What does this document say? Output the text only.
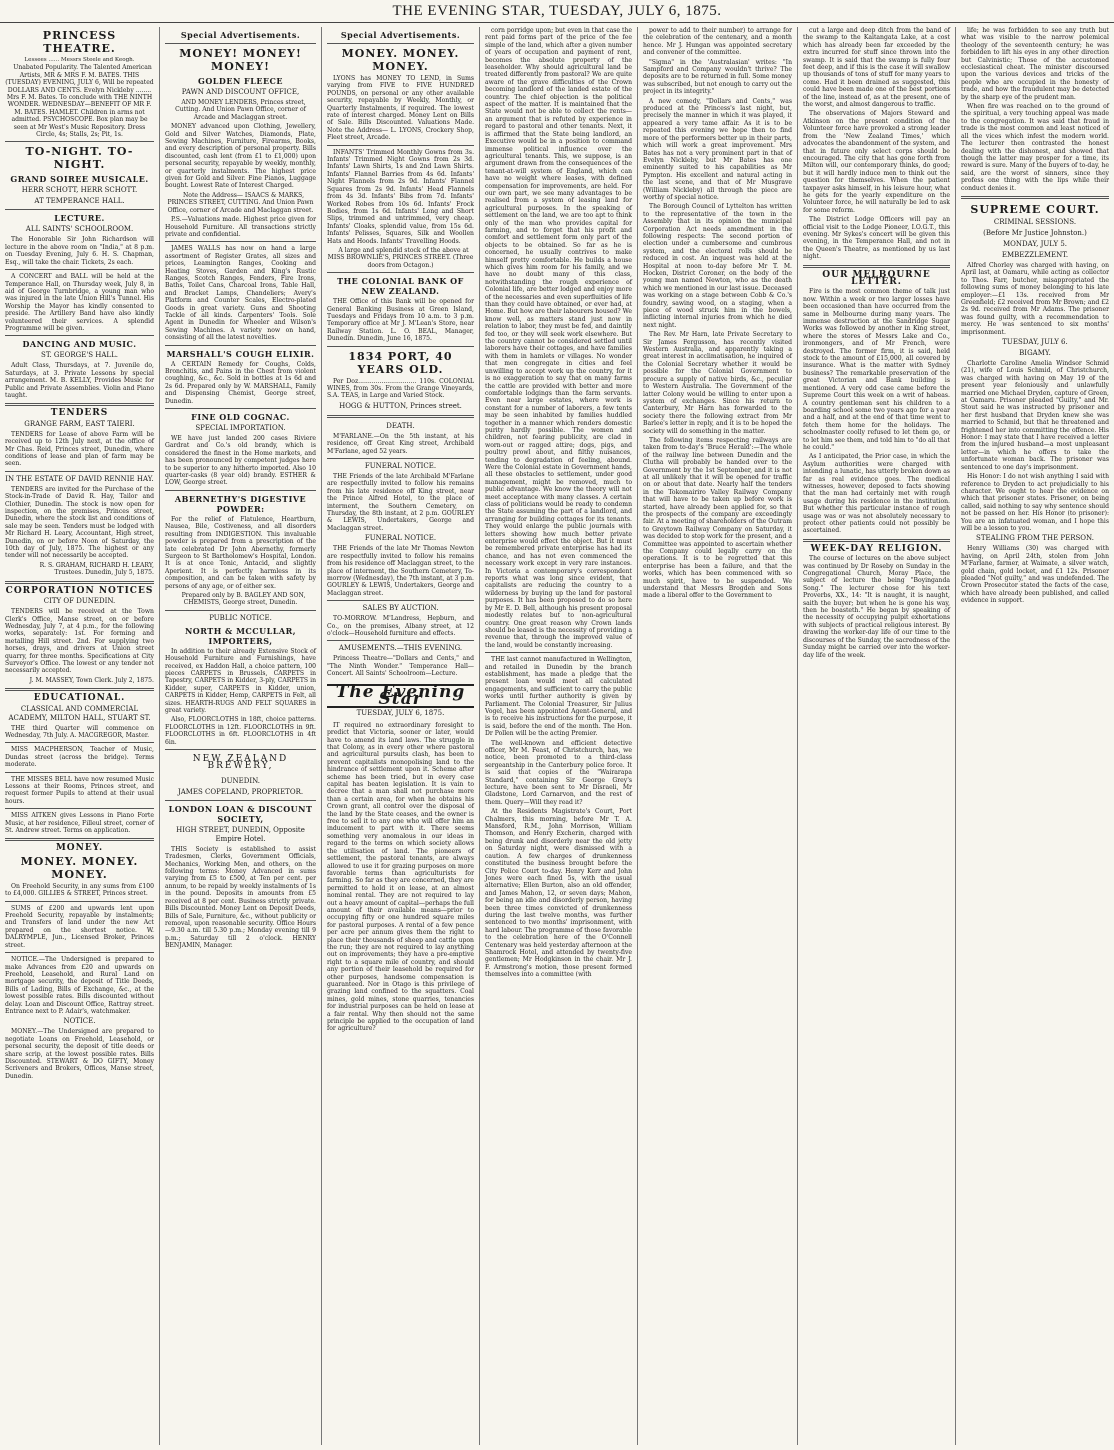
THE EVENING STAR, TUESDAY, JULY 6, 1875.
PRINCESS THEATRE.
Lessees ...... Messrs Steele and Keogh.

Unabated Popularity. The Talented American Artists, MR & MRS F. M. BATES. THIS (TUESDAY) EVENING, JULY 6, Will be repeated DOLLARS AND CENTS. Evelyn Nickleby ........ Mrs F. M. Bates. To conclude with THE NINTH WONDER. WEDNESDAY—BENEFIT OF MR F. M. BATES. HAMLET. Children in arms not admitted. PSYCHOSCOPE. Box plan may be seen at Mr West's Music Repository. Dress Circle, 4s; Stalls, 2s; Pit, 1s.

TO-NIGHT. TO-NIGHT.
GRAND SOIREE MUSICALE.
HERR SCHOTT, HERR SCHOTT.
AT TEMPERANCE HALL.
LECTURE.
ALL SAINTS' SCHOOLROOM.

The Honorable Sir John Richardson will lecture in the above room on "India," at 8 p.m. on Tuesday Evening, July 6. H. S. Chapman, Esq., will take the chair. Tickets, 2s each.

A CONCERT and BALL will be held at the Temperance Hall, on Thursday week, July 8, in aid of George Turnbridge, a young man who was injured in the late Union Hill's Tunnel. His Worship the Mayor has kindly consented to preside. The Artillery Band have also kindly volunteered their services. A splendid Programme will be given.

DANCING AND MUSIC.
ST. GEORGE'S HALL.

Adult Class, Thursdays, at 7. Juvenile do, Saturdays, at 3. Private Lessons by special arrangement. M. B. KELLY, Provides Music for Public and Private Assemblies. Violin and Piano taught.

TENDERS
GRANGE FARM, EAST TAIERI.

TENDERS for Lease of above Farm will be received up to 12th July next, at the office of Mr Chas. Reid, Princes street, Dunedin, where conditions of lease and plan of farm may be seen.

IN THE ESTATE OF DAVID RENNIE HAY.

TENDERS are invited for the Purchase of the Stock-in-Trade of David R. Hay, Tailor and Clothier, Dunedin. The stock is now open for inspection, on the premises, Princes street, Dunedin, where the stock list and conditions of sale may be seen. Tenders must be lodged with Mr Richard H. Leary, Accountant, High street, Dunedin, on or before Noon of Saturday, the 10th day of July, 1875. The highest or any tender will not necessarily be accepted.

R. S. GRAHAM, RICHARD H. LEARY, Trustees. Dunedin, July 5, 1875.

CORPORATION NOTICES
CITY OF DUNEDIN.

TENDERS will be received at the Town Clerk's Office, Manse street, on or before Wednesday, July 7, at 4 p.m., for the following works, separately: 1st. For forming and metalling Hill street. 2nd. For supplying two horses, drays, and drivers at Union street quarry, for three months. Specifications at City Surveyor's Office. The lowest or any tender not necessarily accepted.

J. M. MASSEY, Town Clerk. July 2, 1875.

EDUCATIONAL.
CLASSICAL AND COMMERCIAL ACADEMY, MILTON HALL, STUART ST.

THE third Quarter will commence on Wednesday, 7th July. A. MACGREGOR, Master.

MISS MACPHERSON, Teacher of Music, Dundas street (across the bridge). Terms moderate.

THE MISSES BELL have now resumed Music Lessons at their Rooms, Princes street, and request former Pupils to attend at their usual hours.

MISS AITKEN gives Lessons in Piano Forte Music, at her residence, Filleul street, corner of St. Andrew street. Terms on application.

MONEY.
MONEY. MONEY. MONEY.

On Freehold Security, in any sums from £100 to £4,000. GILLIES & STREET, Princes street.

SUMS of £200 and upwards lent upon Freehold Security, repayable by instalments; and Transfers of land under the new Act prepared on the shortest notice. W. DALRYMPLE, Jun., Licensed Broker, Princes street.

NOTICE.—The Undersigned is prepared to make Advances from £20 and upwards on Freehold, Leasehold, and Rural Land on mortgage security, the deposit of Title Deeds, Bills of Lading, Bills of Exchange, &c., at the lowest possible rates. Bills discounted without delay. Loan and Discount Office, Rattray street. Entrance next to P. Adair's, watchmaker.

NOTICE.

MONEY.—The Undersigned are prepared to negotiate Loans on Freehold, Leasehold, or personal security, the deposit of title deeds or share scrip, at the lowest possible rates. Bills Discounted. STEWART & DO GIFTY, Money Scriveners and Brokers, Offices, Manse street, Dunedin.

Special Advertisements.
MONEY! MONEY! MONEY!
GOLDEN FLEECE
PAWN AND DISCOUNT OFFICE,

AND MONEY LENDERS, Princes street, Cutting. And Union Pawn Office, corner of Arcade and Maclaggan street.

MONEY advanced upon Clothing, Jewellery, Gold and Silver Watches, Diamonds, Plate, Sewing Machines, Furniture, Firearms, Books, and every description of personal property. Bills discounted, cash lent (from £1 to £1,000) upon personal security, repayable by weekly, monthly, or quarterly instalments. The highest price given for Gold and Silver. Fine Pianos, Luggage bought. Lowest Rate of Interest Charged.

Note the Address— ISAACS & MARKS, PRINCES STREET, CUTTING. And Union Pawn Office, corner of Arcade and Maclaggan street.

P.S.—Valuations made. Highest price given for Household Furniture. All transactions strictly private and confidential.

JAMES WALLS has now on hand a large assortment of Register Grates, all sizes and prices, Leamington Ranges, Cooking and Heating Stoves, Garden and King's Rustic Ranges, Scotch Ranges, Fenders, Fire Irons, Baths, Toilet Cans, Charcoal Irons, Table Hall, and Bracket Lamps, Chandeliers; Avery's Platform and Counter Scales, Electro-plated Goods in great variety. Guns and Shooting Tackle of all kinds. Carpenters' Tools. Sole Agent in Dunedin for Wheeler and Wilson's Sewing Machines. A variety now on hand, consisting of all the latest novelties.

MARSHALL'S COUGH ELIXIR.

A CERTAIN Remedy for Coughs, Colds, Bronchitis, and Pains in the Chest from violent coughing, &c., &c. Sold in bottles at 1s 6d and 2s 6d. Prepared only by W. MARSHALL, Family and Dispensing Chemist, George street, Dunedin.

FINE OLD COGNAC.
SPECIAL IMPORTATION.

WE have just landed 200 cases Riviere Gardrat and Co.'s old brandy, which is considered the finest in the Home markets, and has been pronounced by competent judges here to be superior to any hitherto imported. Also 10 quarter-casks (8 year old) brandy. ESTHER & LOW, George street.

ABERNETHY'S DIGESTIVE POWDER:

For the relief of Flatulence, Heartburn, Nausea, Bile, Costiveness, and all disorders resulting from INDIGESTION. This invaluable powder is prepared from a prescription of the late celebrated Dr John Abernethy, formerly Surgeon to St Bartholomew's Hospital, London. It is at once Tonic, Antacid, and slightly Aperient. It is perfectly harmless in its composition, and can be taken with safety by persons of any age, or of either sex.

Prepared only by B. BAGLEY AND SON, CHEMISTS, George street, Dunedin.

PUBLIC NOTICE.
NORTH & MCCULLAR, IMPORTERS,

In addition to their already Extensive Stock of Household Furniture and Furnishings, have received, ex Haddon Hall, a choice pattern, 100 pieces CARPETS in Brussels, CARPETS in Tapestry, CARPETS in Kidder, 3-ply, CARPETS in Kidder, super, CARPETS in Kidder, union, CARPETS in Kidder, Hemp, CARPETS in Felt, all sizes. HEARTH-RUGS AND FELT SQUARES in great variety.

Also, FLOORCLOTHS in 18ft, choice patterns. FLOORCLOTHS in 12ft. FLOORCLOTHS in 9ft. FLOORCLOTHS in 6ft. FLOORCLOTHS in 4ft 6in.

NEW ZEALAND BREWERY,
DUNEDIN.
JAMES COPELAND, PROPRIETOR.
LONDON LOAN & DISCOUNT SOCIETY,
HIGH STREET, DUNEDIN, Opposite Empire Hotel.

THIS Society is established to assist Tradesmen, Clerks, Government Officials, Mechanics, Working Men, and others, on the following terms: Money Advanced in sums varying from £5 to £500, at Ten per cent. per annum, to be repaid by weekly instalments of 1s in the pound. Deposits in amounts from £5 received at 8 per cent. Business strictly private. Bills Discounted. Money Lent on Deposit Deeds, Bills of Sale, Furniture, &c., without publicity or removal, upon reasonable security. Office Hours—9.30 a.m. till 5.30 p.m.; Monday evening till 9 p.m.; Saturday till 2 o'clock. HENRY BENJAMIN, Manager.

Special Advertisements.
MONEY. MONEY. MONEY.

LYONS has MONEY TO LEND, in Sums varying from FIVE to FIVE HUNDRED POUNDS, on personal or any other available security, repayable by Weekly, Monthly, or Quarterly Instalments, if required. The lowest rate of interest charged. Money Lent on Bills of Sale. Bills Discounted. Valuations Made. Note the Address— L. LYONS, Crockery Shop, Fleet street, Arcade.

INFANTS' Trimmed Monthly Gowns from 3s. Infants' Trimmed Night Gowns from 2s 3d. Infants' Lawn Shirts, 1s and 2nd Lawn Shirts. Infants' Flannel Barries from 4s 6d. Infants' Night Flannels from 2s 9d. Infants' Flannel Squares from 2s 9d. Infants' Head Flannels from 4s 3d. Infants' Bibs from 7d. Infants' Worked Robes from 10s 6d. Infants' Frock Bodies, from 1s 6d. Infants' Long and Short Slips, trimmed and untrimmed, very cheap. Infants' Cloaks, splendid value, from 15s 6d. Infants' Pelisses, Squares, Silk and Woollen Hats and Hoods. Infants' Travelling Hoods.

A large and splendid stock of the above at MISS BROWNLIE'S, PRINCES STREET. (Three doors from Octagon.)

THE COLONIAL BANK OF NEW ZEALAND.

THE Office of this Bank will be opened for General Banking Business at Green Island, Tuesdays and Fridays from 10 a.m. to 3 p.m. Temporary office at Mr J. M'Lean's Store, near Railway Station. L. O. BEAL, Manager, Dunedin. Dunedin, June 16, 1875.

1834 PORT, 40 YEARS OLD.

Per Doz.............................. 110s. COLONIAL WINES, from 30s. From the Grange Vineyards, S.A. TEAS, in Large and Varied Stock.

HOGG & HUTTON, Princes street.
DEATH.

M'FARLANE.—On the 5th instant, at his residence, off Great King street, Archibald M'Farlane, aged 52 years.

FUNERAL NOTICE.

THE Friends of the late Archibald M'Farlane are respectfully invited to follow his remains from his late residence off King street, near the Prince Alfred Hotel, to the place of interment, the Southern Cemetery, on Thursday, the 8th instant, at 2 p.m. GOURLEY & LEWIS, Undertakers, George and Maclaggan street.

FUNERAL NOTICE.

THE Friends of the late Mr Thomas Newton are respectfully invited to follow his remains from his residence off Maclaggan street, to the place of interment, the Southern Cemetery, To-morrow (Wednesday), the 7th instant, at 3 p.m. GOURLEY & LEWIS, Undertakers, George and Maclaggan street.

SALES BY AUCTION.

TO-MORROW. M'Landress, Hepburn, and Co., on the premises, Albany street, at 12 o'clock—Household furniture and effects.

AMUSEMENTS.—THIS EVENING.

Princess Theatre—"Dollars and Cents," and "The Ninth Wonder." Temperance Hall—Concert. All Saints' Schoolroom—Lecture.

The Evening Star
TUESDAY, JULY 6, 1875.

IT required no extraordinary foresight to predict that Victoria, sooner or later, would have to amend its land laws. The struggle in that Colony, as in every other where pastoral and agricultural pursuits clash, has been to prevent capitalists monopolising land to the hindrance of settlement upon it. Scheme after scheme has been tried, but in every case capital has beaten legislation. It is vain to decree that a man shall not purchase more than a certain area, for when he obtains his Crown grant, all control over the disposal of the land by the State ceases, and the owner is free to sell it to any one who will offer him an inducement to part with it. There seems something very anomalous in our ideas in regard to the terms on which society allows the utilisation of land. The pioneers of settlement, the pastoral tenants, are always allowed to use it for grazing purposes on more favorable terms than agriculturists for farming. So far as they are concerned, they are permitted to hold it on lease, at an almost nominal rental. They are not required to lay out a heavy amount of capital—perhaps the full amount of their available means—prior to occupying fifty or one hundred square miles for pastoral purposes. A rental of a few pence per acre per annum gives them the right to place their thousands of sheep and cattle upon the run; they are not required to lay anything out on improvements; they have a pre-emptive right to a square mile of country, and should any portion of their leasehold be required for other purposes, handsome compensation is guaranteed. Nor in Otago is this privilege of grazing land confined to the squatters. Coal mines, gold mines, stone quarries, tenancies for industrial purposes can be held on lease at a fair rental. Why then should not the same principle be applied to the occupation of land for agriculture?

corn porridge upon; but even in that case the rent paid forms part of the price of the fee simple of the land, which after a given number of years of occupation and payment of rent, becomes the absolute property of the leaseholder. Why should agricultural land be treated differently from pastoral? We are quite aware of the grave difficulties of the Crown becoming landlord of the landed estate of the country. The chief objection is the political aspect of the matter. It is maintained that the State would not be able to collect the rents—an argument that is refuted by experience in regard to pastoral and other tenants. Next, it is affirmed that the State being landlord, an Executive would be in a position to command immense political influence over the agricultural tenants. This, we suppose, is an argument drawn from the consequences of the tenant-at-will system of England, which can have no weight where leases, with defined compensation for improvements, are held. For our own part, we see many advantages to be realised from a system of leasing land for agricultural purposes. In the speaking of settlement on the land, we are too apt to think only of the man who provides capital for farming, and to forget that his profit and comfort and settlement form only part of the objects to be obtained. So far as he is concerned, he usually contrives to make himself pretty comfortable. He builds a house which gives him room for his family, and we have no doubt many of this class, notwithstanding the rough experience of Colonial life, are better lodged and enjoy more of the necessaries and even superfluities of life than they could have obtained, or ever had, at Home. But how are their labourers housed? We know well, as matters stand just now in relation to labor, they must be fed, and daintily fed too, or they will seek work elsewhere. But the country cannot be considered settled until laborers have their cottages, and have families with them in hamlets or villages. No wonder that men congregate in cities and feel unwilling to accept work up the country, for it is no exaggeration to say that on many farms the cattle are provided with better and more comfortable lodgings than the farm servants. Even near large estates, where work is constant for a number of laborers, a few tents may be seen inhabited by families huddled together in a manner which renders domestic purity hardly possible. The women and children, not fearing publicity, are clad in worn-out or ragged attire; dogs, pigs, and poultry prowl about, and filthy nuisances, tending to degradation of feeling, abound. Were the Colonial estate in Government hands, all these obstacles to settlement, under good management, might be removed, much to public advantage. We know the theory will not meet acceptance with many classes. A certain class of politicians would be ready to condemn the State assuming the part of a landlord, and arranging for building cottages for its tenants. They would enlarge the public journals with letters showing how much better private enterprise would effect the object. But it must be remembered private enterprise has had its chance, and has not even commenced the necessary work except in very rare instances. In Victoria a contemporary's correspondent reports what was long since evident, that capitalists are reducing the country to a wilderness by buying up the land for pastoral purposes. It has been proposed to do so here by Mr E. D. Bell, although his present proposal modestly relates but to non-agricultural country. One great reason why Crown lands should be leased is the necessity of providing a revenue that, through the improved value of the land, would be constantly increasing.

THE last cannot manufactured in Wellington, and retailed in Dunedin by the branch establishment, has made a pledge that the present loan would meet all calculated engagements, and sufficient to carry the public works until further authority is given by Parliament. The Colonial Treasurer, Sir Julius Vogel, has been appointed Agent-General, and is to receive his instructions for the purpose, it is said, before the end of the month. The Hon. Dr Pollen will be the acting Premier.

The well-known and efficient detective officer, Mr M. Feast, of Christchurch, has, we notice, been promoted to a third-class sergeantship in the Canterbury police force. It is said that copies of the "Wairarapa Standard," containing Sir George Grey's lecture, have been sent to Mr Disraeli, Mr Gladstone, Lord Carnarvon, and the rest of them. Query—Will they read it?

At the Residents Magistrate's Court, Port Chalmers, this morning, before Mr T. A. Mansford, R.M., John Morrison, William Thomson, and Henry Excherin, charged with being drunk and disorderly near the old jetty on Saturday night, were dismissed with a caution. A few charges of drunkenness constituted the business brought before the City Police Court to-day. Henry Kerr and John Jones were each fined 5s, with the usual alternative; Ellen Burton, also an old offender, and James Mahon, 12, or seven days; Mahon, for being an idle and disorderly person, having been three times convicted of drunkenness during the last twelve months, was further sentenced to two months' imprisonment, with hard labour. The programme of those favorable to the celebration here of the O'Connell Centenary was held yesterday afternoon at the Shamrock Hotel, and attended by twenty-five gentlemen; Mr Hodgkinson in the chair. Mr J. F. Armstrong's motion, those present formed themselves into a committee (with

power to add to their number) to arrange for the celebration of the centenary, and a month hence. Mr J. Hungan was appointed secretary and convener of the committee.

"Sigma" in the 'Australasian' writes: "In Sampford and Company wouldn't thrive? The deposits are to be returned in full. Some money was subscribed, but not enough to carry out the project in its integrity."

A new comedy, "Dollars and Cents," was produced at the Princess's last night, but, precisely the manner in which it was played, it appeared a very tame affair. As it is to be repeated this evening we hope then to find more of the performers better up in their parts, which will work a great improvement. Mrs Bates has not a very prominent part in that of Evelyn Nickleby, but Mr Bates has one eminently suited to his capabilities as Mr Pympton. His excellent and natural acting in the last scene, and that of Mr Musgrave (William Nickleby) all through the piece are worthy of special notice.

The Borough Council of Lyttelton has written to the representative of the town in the Assembly that in its opinion the municipal Corporation Act needs amendment in the following respects: The second portion of election under a cumbersome and cumbrous system, and the electoral rolls should be reduced in cost. An inquest was held at the Hospital at noon to-day before Mr T. M. Hocken, District Coroner, on the body of the young man named Newton, who as the death which we mentioned in our last issue. Deceased was working on a stage between Cobb & Co.'s foundry, sawing wood, on a staging, when a piece of wood struck him in the bowels, inflicting internal injuries from which he died next night.

The Rev. Mr Harn, late Private Secretary to Sir James Fergusson, has recently visited Western Australia, and apparently taking a great interest in acclimatisation, he inquired of the Colonial Secretary whether it would be possible for the Colonial Government to procure a supply of native birds, &c., peculiar to Western Australia. The Government of the latter Colony would be willing to enter upon a system of exchanges. Since his return to Canterbury, Mr Harn has forwarded to the society there the following extract from Mr Barlee's letter in reply, and it is to be hoped the society will do something in the matter.

The following items respecting railways are taken from to-day's 'Bruce Herald':—The whole of the railway line between Dunedin and the Clutha will probably be handed over to the Government by the 1st September, and it is not at all unlikely that it will be opened for traffic on or about that date. Nearly half the tenders in the Tokomairiro Valley Railway Company that will have to be taken up before work is started, have already been applied for, so that the prospects of the company are exceedingly fair. At a meeting of shareholders of the Outram to Greytown Railway Company on Saturday, it was decided to stop work for the present, and a Committee was appointed to ascertain whether the Company could legally carry on the operations. It is to be regretted that this enterprise has been a failure, and that the works, which has been commenced with so much spirit, have to be suspended. We understand that Messrs Brogden and Sons made a liberal offer to the Government to

cut a large and deep ditch from the band of the swamp to the Kaitangata Lake, at a cost which has already been far exceeded by the extra incurred for stuff since thrown into the swamp. It is said that the swamp is fully four feet deep, and if this is the case it will swallow up thousands of tons of stuff for many years to come. Had it been drained as suggested, this could have been made one of the best portions of the line, instead of, as at the present, one of the worst, and almost dangerous to traffic.

The observations of Majors Steward and Atkinson on the present condition of the Volunteer force have provoked a strong leader from the 'New Zealand Times,' which advocates the abandonment of the system, and that in future only select corps should be encouraged. The city that has gone forth from Milton will, our contemporary thinks, do good; but it will hardly induce men to think out the question for themselves. When the patient taxpayer asks himself, in his leisure hour, what he gets for the yearly expenditure on the Volunteer force, he will naturally be led to ask for some reform.

The District Lodge Officers will pay an official visit to the Lodge Pioneer, I.O.G.T., this evening. Mr Sykes's concert will be given this evening, in the Temperance Hall, and not in the Queen's Theatre, as mentioned by us last night.

OUR MELBOURNE LETTER.

Fire is the most common theme of talk just now. Within a week or two larger losses have been occasioned than have occurred from the same in Melbourne during many years. The immense destruction at the Sandridge Sugar Works was followed by another in King street, where the stores of Messrs Lake and Co., ironmongers, and of Mr French, were destroyed. The former firm, it is said, held stock to the amount of £15,000, all covered by insurance. What is the matter with Sydney business? The remarkable preservation of the great Victorian and Bank building is mentioned. A very odd case came before the Supreme Court this week on a writ of habeas. A country gentleman sent his children to a boarding school some two years ago for a year and a half, and at the end of that time went to fetch them home for the holidays. The schoolmaster coolly refused to let them go, or to let him see them, and told him to "do all that he could."

As I anticipated, the Prior case, in which the Asylum authorities were charged with intending a lunatic, has utterly broken down as far as real evidence goes. The medical witnesses, however, deposed to facts showing that the man had certainly met with rough usage during his residence in the institution. But whether this particular instance of rough usage was or was not absolutely necessary to protect other patients could not possibly be ascertained.

WEEK-DAY RELIGION.

The course of lectures on the above subject was continued by Dr Roseby on Sunday in the Congregational Church, Moray Place, the subject of lecture the being "Boyinganda Song." The lecturer chose for his text Proverbs, XX., 14: "It is naught, it is naught, saith the buyer; but when he is gone his way, then he boasteth." He began by speaking of the necessity of occupying pulpit exhortations with subjects of practical religious interest. By drawing the worker-day life of our time to the discourses of the Sunday, the sacredness of the Sunday might be carried over into the worker-day life of the week.

life; he was forbidden to see any truth but what was visible to the narrow polemical theology of the seventeenth century; he was forbidden to lift his eyes in any other direction but Calvinistic; Those of the accustomed ecclesiastical cheat. The minister discoursed upon the various devices and tricks of the people who are occupied in the honesty of trade, and how the fraudulent may be detected by the sharp eye of the prudent man.

When fire was reached on to the ground of the spiritual, a very touching appeal was made to the congregation. It was said that fraud in trade is the most common and least noticed of all the vices which infest the modern world. The lecturer then contrasted the honest dealing with the dishonest, and showed that though the latter may prosper for a time, its reward is sure. Many of the buyers of to-day, he said, are the worst of sinners, since they profess one thing with the lips while their conduct denies it.

SUPREME COURT.
CRIMINAL SESSIONS.
(Before Mr Justice Johnston.)
MONDAY, JULY 5.
EMBEZZLEMENT.

Alfred Chorley was charged with having, on April last, at Oamaru, while acting as collector to Thos. Farr, butcher, misappropriated the following sums of money belonging to his late employer:—£1 13s. received from Mr Greenfield; £2 received from Mr Brown; and £2 2s 9d. received from Mr Adams. The prisoner was found guilty, with a recommendation to mercy. He was sentenced to six months' imprisonment.

TUESDAY, JULY 6.
BIGAMY.

Charlotte Caroline Amelia Windsor Schmid (21), wife of Louis Schmid, of Christchurch, was charged with having on May 19 of the present year feloniously and unlawfully married one Michael Dryden, capture of Green, at Oamaru. Prisoner pleaded "Guilty," and Mr. Stout said he was instructed by prisoner and her first husband that Dryden knew she was married to Schmid, but that he threatened and frightened her into committing the offence. His Honor: I may state that I have received a letter from the injured husband—a most unpleasant letter—in which he offers to take the unfortunate woman back. The prisoner was sentenced to one day's imprisonment.

His Honor: I do not wish anything I said with reference to Dryden to act prejudicially to his character. We ought to hear the evidence on which that prisoner states. Prisoner, on being called, said nothing to say why sentence should not be passed on her. His Honor (to prisoner): You are an infatuated woman, and I hope this will be a lesson to you.

STEALING FROM THE PERSON.

Henry Williams (30) was charged with having, on April 24th, stolen from John M'Farlane, farmer, at Waimate, a silver watch, gold chain, gold locket, and £1 12s. Prisoner pleaded "Not guilty," and was undefended. The Crown Prosecutor stated the facts of the case, which have already been published, and called evidence in support.
